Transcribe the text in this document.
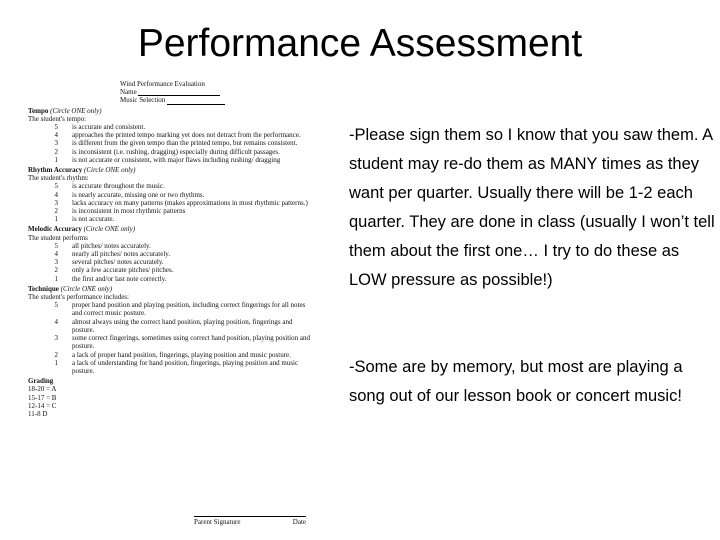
Performance Assessment
Wind Performance Evaluation
Name
Music Selection
Tempo (Circle ONE only)
The student's tempo:
5	is accurate and consistent.
4	approaches the printed tempo marking yet does not detract from the performance.
3	is different from the given tempo than the printed tempo, but remains consistent.
2	is inconsistent (i.e. rushing, dragging) especially during difficult passages.
1	is not accurate or consistent, with major flaws including rushing/ dragging
Rhythm Accuracy (Circle ONE only)
The student's rhythm:
5	is accurate throughout the music.
4	is nearly accurate, missing one or two rhythms.
3	lacks accuracy on many patterns (makes approximations in most rhythmic patterns.)
2	is inconsistent in most rhythmic patterns
1	is not accurate.
Melodic Accuracy (Circle ONE only)
The student performs
5	all pitches/ notes accurately.
4	nearly all pitches/ notes accurately.
3	several pitches/ notes accurately.
2	only a few accurate pitches/ pitches.
1	the first and/or last note correctly.
Technique (Circle ONE only)
The student's performance includes:
5	proper hand position and playing position, including correct fingerings for all notes and correct music posture.
4	almost always using the correct hand position, playing position, fingerings and posture.
3	some correct fingerings, sometimes using correct hand position, playing position and posture.
2	a lack of proper hand position, fingerings, playing position and music posture.
1	a lack of understanding for hand position, fingerings, playing position and music posture.
Grading
18-20 = A
15-17 = B
12-14 = C
11-8 D
Parent Signature	Date
-Please sign them so I know that you saw them. A student may re-do them as MANY times as they want per quarter. Usually there will be 1-2 each quarter. They are done in class (usually I won’t tell them about the first one… I try to do these as LOW pressure as possible!)
-Some are by memory, but most are playing a song out of our lesson book or concert music!
